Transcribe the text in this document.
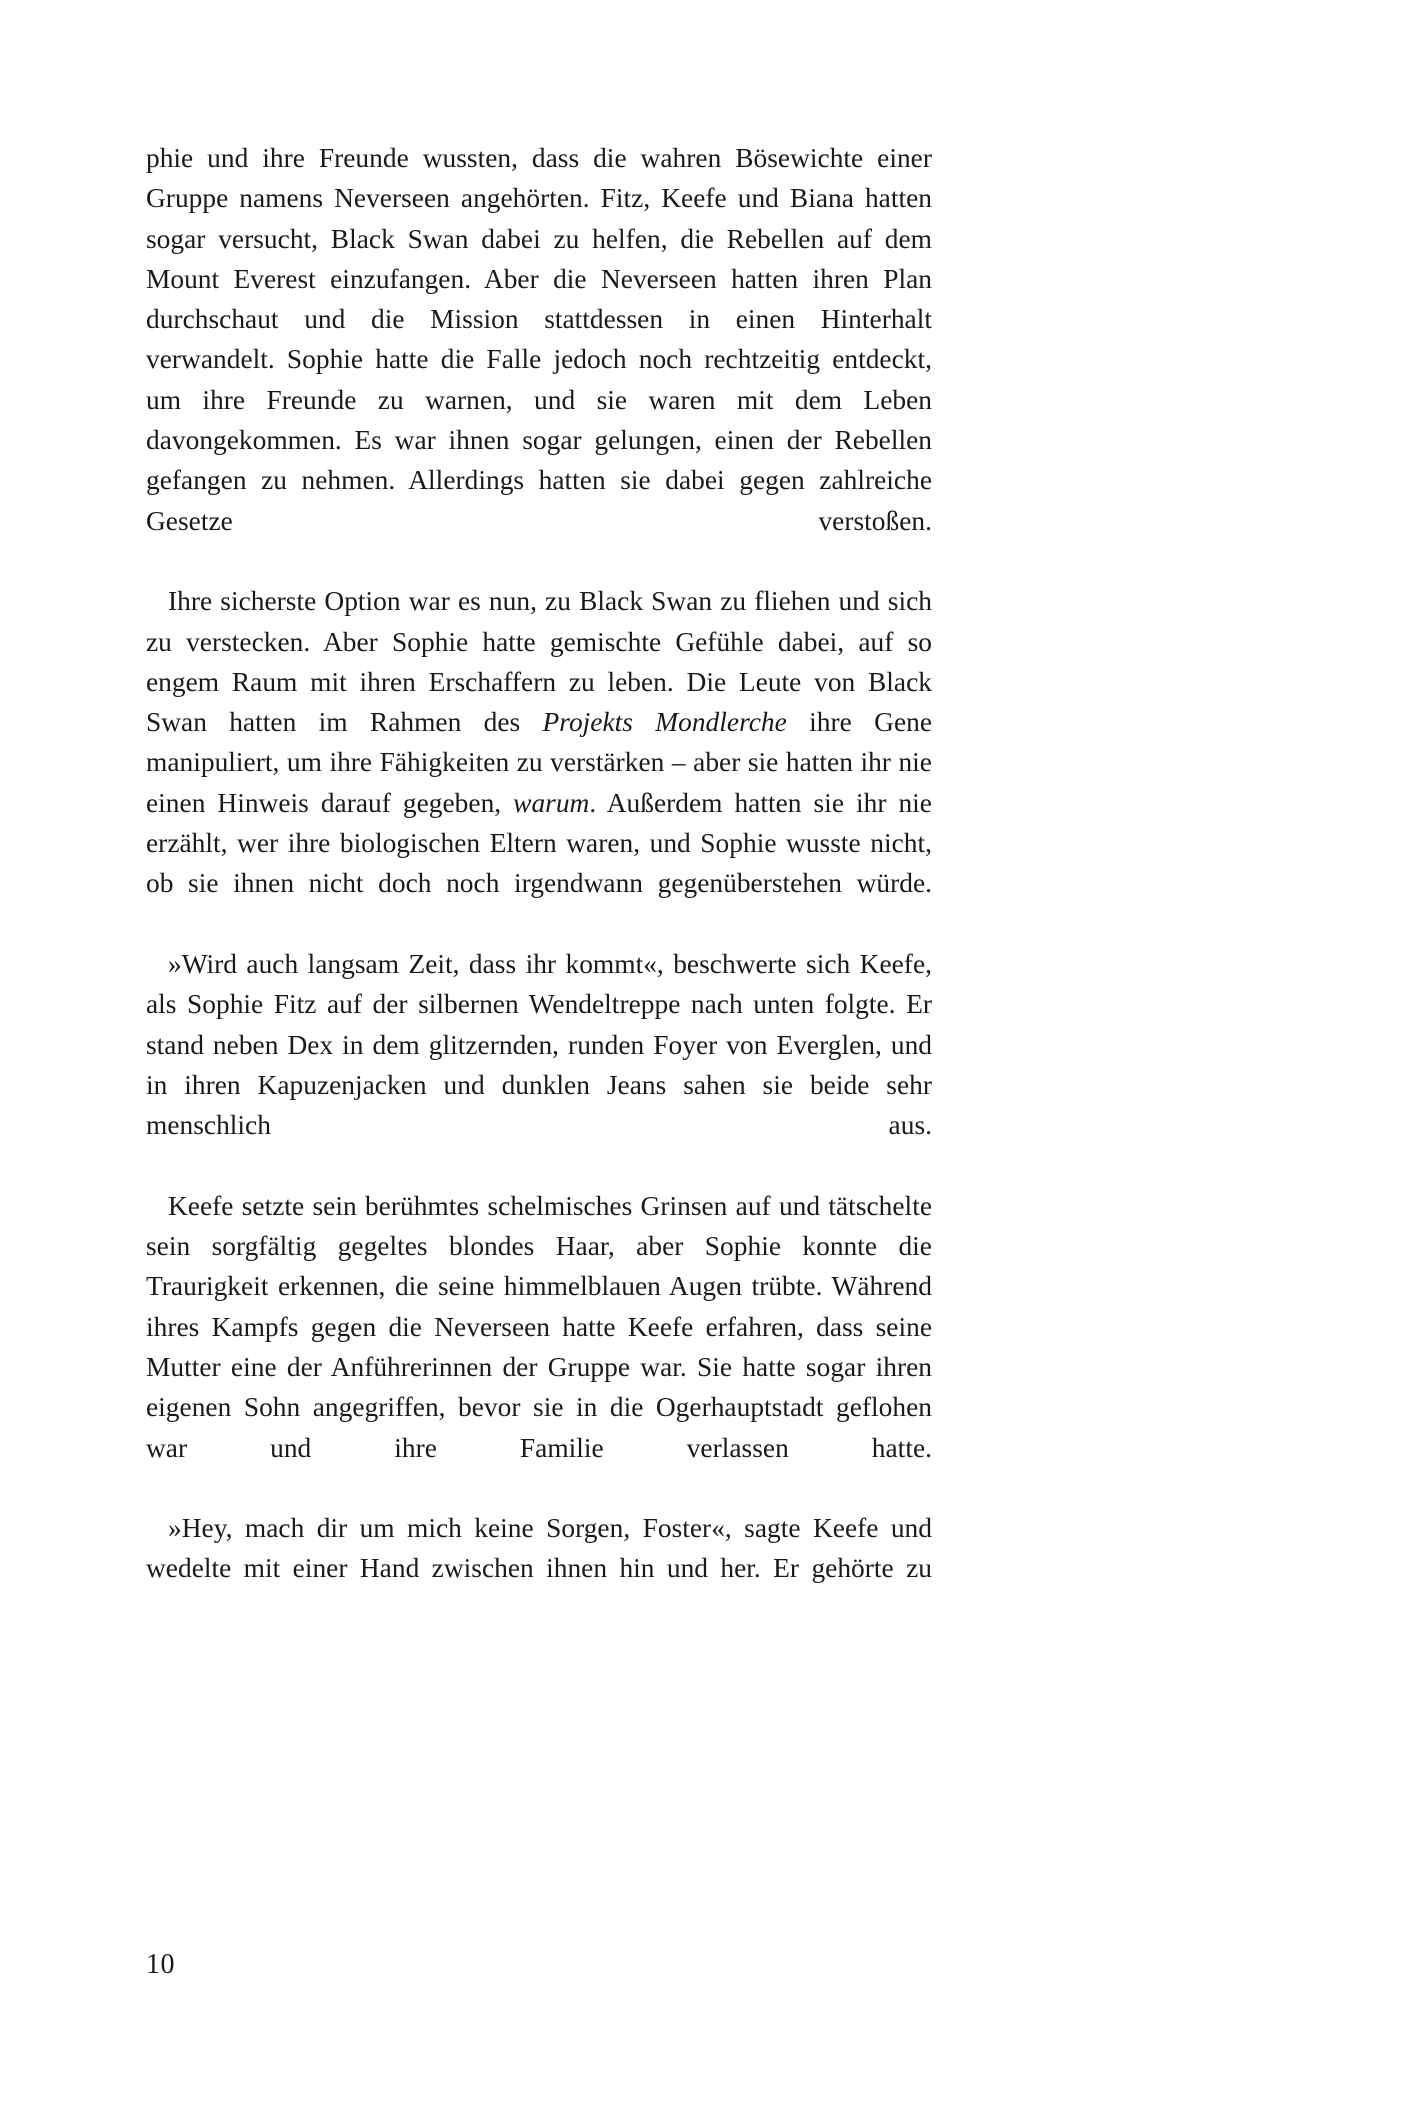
phie und ihre Freunde wussten, dass die wahren Bösewichte einer Gruppe namens Neverseen angehörten. Fitz, Keefe und Biana hatten sogar versucht, Black Swan dabei zu helfen, die Rebellen auf dem Mount Everest einzufangen. Aber die Neverseen hatten ihren Plan durchschaut und die Mission stattdessen in einen Hinterhalt verwandelt. Sophie hatte die Falle jedoch noch rechtzeitig entdeckt, um ihre Freunde zu warnen, und sie waren mit dem Leben davongekommen. Es war ihnen sogar gelungen, einen der Rebellen gefangen zu nehmen. Allerdings hatten sie dabei gegen zahlreiche Gesetze verstoßen.

Ihre sicherste Option war es nun, zu Black Swan zu fliehen und sich zu verstecken. Aber Sophie hatte gemischte Gefühle dabei, auf so engem Raum mit ihren Erschaffern zu leben. Die Leute von Black Swan hatten im Rahmen des Projekts Mondlerche ihre Gene manipuliert, um ihre Fähigkeiten zu verstärken – aber sie hatten ihr nie einen Hinweis darauf gegeben, warum. Außerdem hatten sie ihr nie erzählt, wer ihre biologischen Eltern waren, und Sophie wusste nicht, ob sie ihnen nicht doch noch irgendwann gegenüberstehen würde.

»Wird auch langsam Zeit, dass ihr kommt«, beschwerte sich Keefe, als Sophie Fitz auf der silbernen Wendeltreppe nach unten folgte. Er stand neben Dex in dem glitzernden, runden Foyer von Everglen, und in ihren Kapuzenjacken und dunklen Jeans sahen sie beide sehr menschlich aus.

Keefe setzte sein berühmtes schelmisches Grinsen auf und tätschelte sein sorgfältig gegeltes blondes Haar, aber Sophie konnte die Traurigkeit erkennen, die seine himmelblauen Augen trübte. Während ihres Kampfs gegen die Neverseen hatte Keefe erfahren, dass seine Mutter eine der Anführerinnen der Gruppe war. Sie hatte sogar ihren eigenen Sohn angegriffen, bevor sie in die Ogerhauptstadt geflohen war und ihre Familie verlassen hatte.

»Hey, mach dir um mich keine Sorgen, Foster«, sagte Keefe und wedelte mit einer Hand zwischen ihnen hin und her. Er gehörte zu

10
